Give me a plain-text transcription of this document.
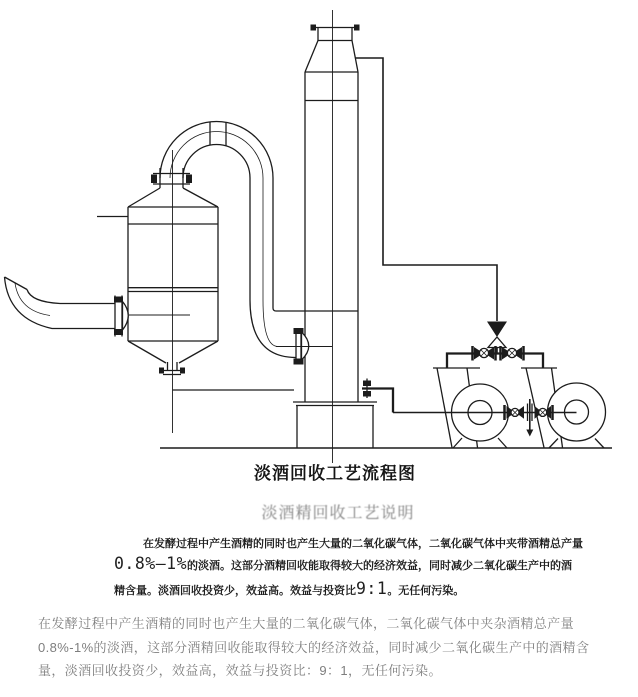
淡酒回收工艺流程图
淡酒精回收工艺说明
在发酵过程中产生酒精的同时也产生大量的二氧化碳气体，二氧化碳气体中夹带酒精总产量
0.8%—1%的淡酒。这部分酒精回收能取得较大的经济效益，同时减少二氧化碳生产中的酒
精含量。淡酒回收投资少，效益高。效益与投资比9:1。无任何污染。

在发酵过程中产生酒精的同时也产生大量的二氧化碳气体，二氧化碳气体中夹杂酒精总产量0.8%-1%的淡酒，这部分酒精回收能取得较大的经济效益，同时减少二氧化碳生产中的酒精含量，淡酒回收投资少，效益高，效益与投资比：9：1，无任何污染。
